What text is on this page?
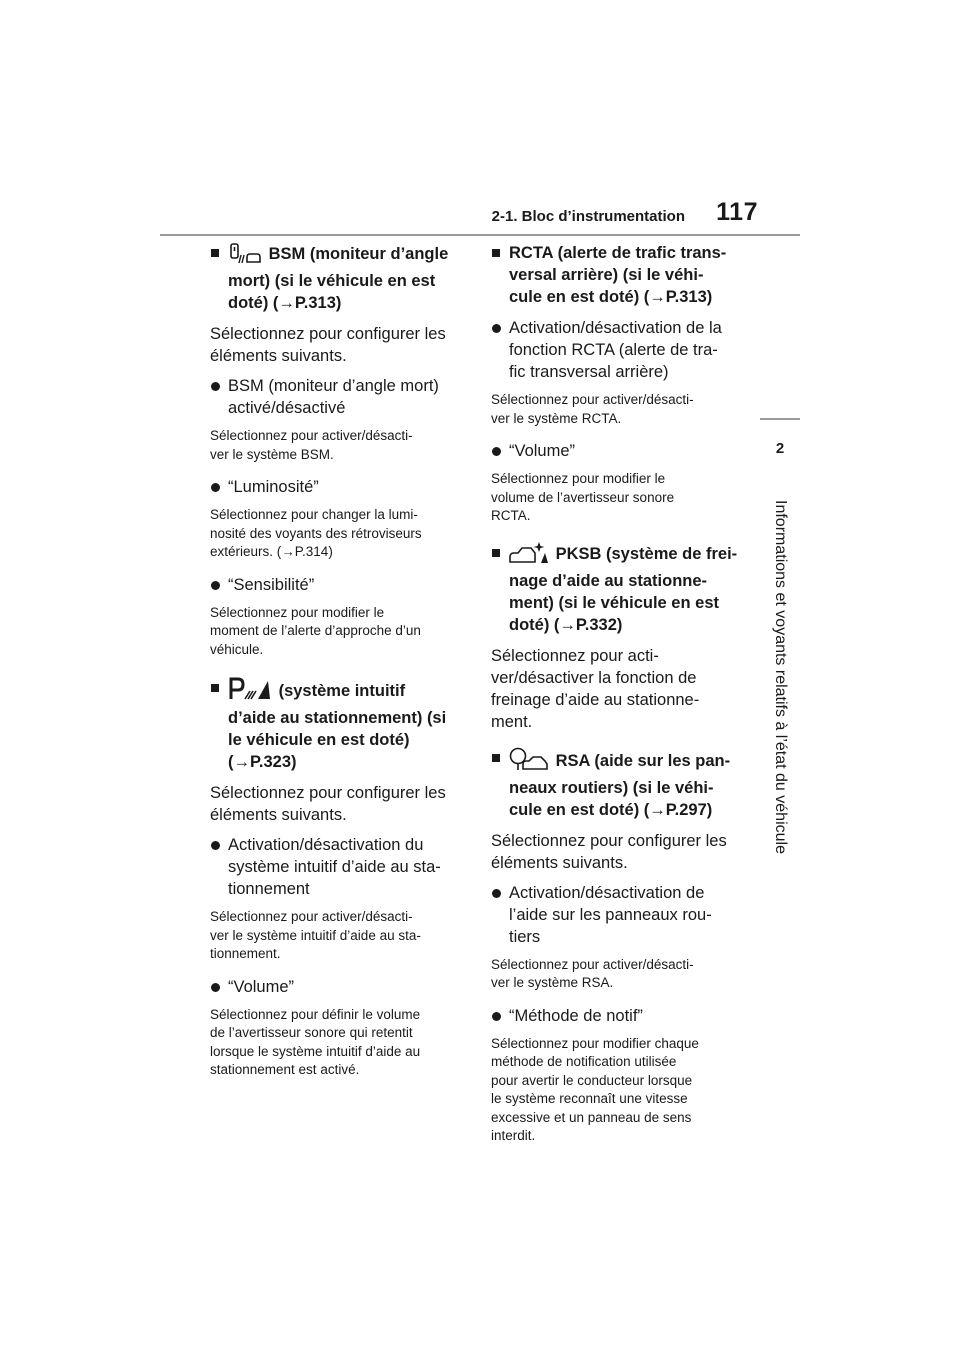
2-1. Bloc d’instrumentation 117
2
Informations et voyants relatifs à l’état du véhicule
BSM (moniteur d’angle
mort) (si le véhicule en est
doté) (→P.313)
Sélectionnez pour configurer les
éléments suivants.
BSM (moniteur d’angle mort)
activé/désactivé
Sélectionnez pour activer/désacti-
ver le système BSM.
“Luminosité”
Sélectionnez pour changer la lumi-
nosité des voyants des rétroviseurs
extérieurs. (→P.314)
“Sensibilité”
Sélectionnez pour modifier le
moment de l’alerte d’approche d’un
véhicule.
(système intuitif
d’aide au stationnement) (si
le véhicule en est doté)
(→P.323)
Sélectionnez pour configurer les
éléments suivants.
Activation/désactivation du
système intuitif d’aide au sta-
tionnement
Sélectionnez pour activer/désacti-
ver le système intuitif d’aide au sta-
tionnement.
“Volume”
Sélectionnez pour définir le volume
de l’avertisseur sonore qui retentit
lorsque le système intuitif d’aide au
stationnement est activé.
RCTA (alerte de trafic trans-
versal arrière) (si le véhi-
cule en est doté) (→P.313)
Activation/désactivation de la
fonction RCTA (alerte de tra-
fic transversal arrière)
Sélectionnez pour activer/désacti-
ver le système RCTA.
“Volume”
Sélectionnez pour modifier le
volume de l’avertisseur sonore
RCTA.
PKSB (système de frei-
nage d’aide au stationne-
ment) (si le véhicule en est
doté) (→P.332)
Sélectionnez pour acti-
ver/désactiver la fonction de
freinage d’aide au stationne-
ment.
RSA (aide sur les pan-
neaux routiers) (si le véhi-
cule en est doté) (→P.297)
Sélectionnez pour configurer les
éléments suivants.
Activation/désactivation de
l’aide sur les panneaux rou-
tiers
Sélectionnez pour activer/désacti-
ver le système RSA.
“Méthode de notif”
Sélectionnez pour modifier chaque
méthode de notification utilisée
pour avertir le conducteur lorsque
le système reconnaît une vitesse
excessive et un panneau de sens
interdit.
